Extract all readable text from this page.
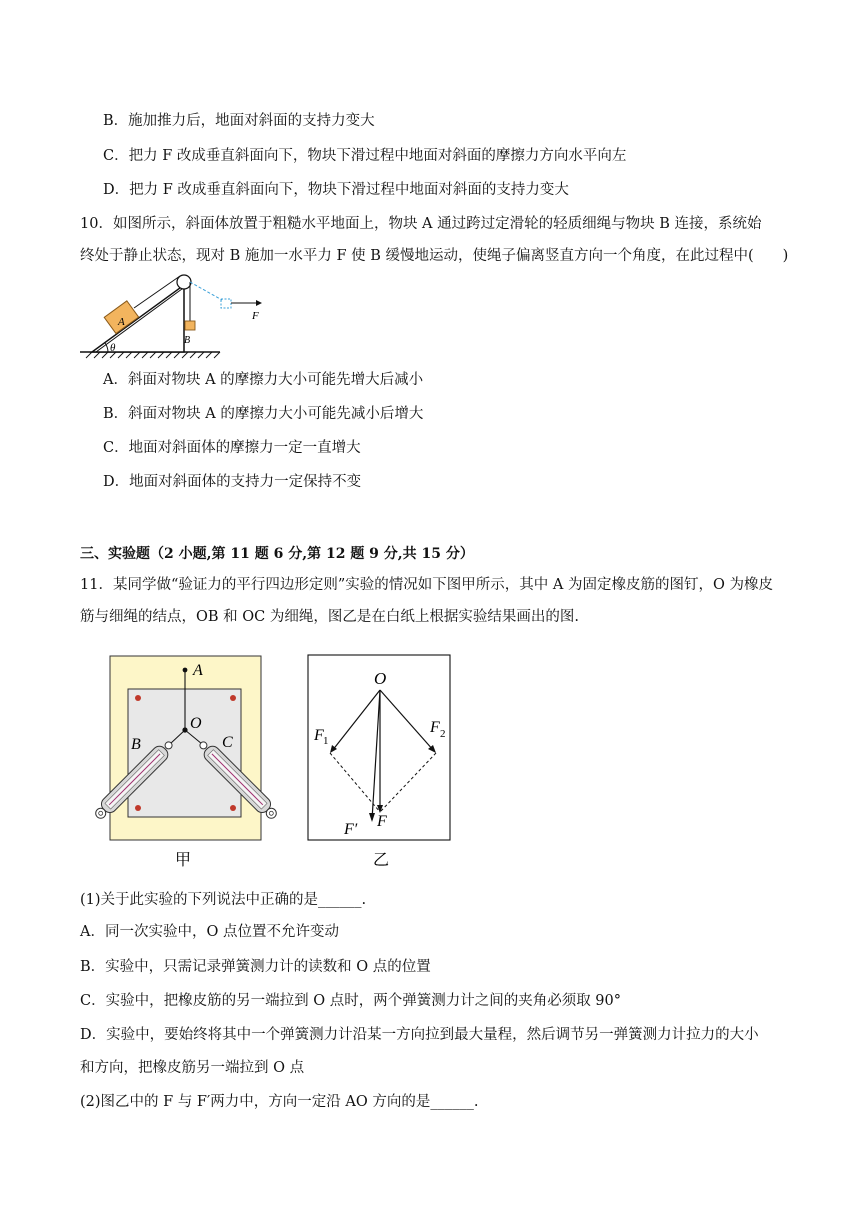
B．施加推力后，地面对斜面的支持力变大
C．把力 F 改成垂直斜面向下，物块下滑过程中地面对斜面的摩擦力方向水平向左
D．把力 F 改成垂直斜面向下，物块下滑过程中地面对斜面的支持力变大
10．如图所示，斜面体放置于粗糙水平地面上，物块 A 通过跨过定滑轮的轻质细绳与物块 B 连接，系统始
终处于静止状态，现对 B 施加一水平力 F 使 B 缓慢地运动，使绳子偏离竖直方向一个角度，在此过程中(　　)
θ
A
B
F
A．斜面对物块 A 的摩擦力大小可能先增大后减小
B．斜面对物块 A 的摩擦力大小可能先减小后增大
C．地面对斜面体的摩擦力一定一直增大
D．地面对斜面体的支持力一定保持不变
三、实验题（2 小题,第 11 题 6 分,第 12 题 9 分,共 15 分）
11．某同学做“验证力的平行四边形定则”实验的情况如下图甲所示，其中 A 为固定橡皮筋的图钉，O 为橡皮
筋与细绳的结点，OB 和 OC 为细绳，图乙是在白纸上根据实验结果画出的图.
A
O
B	C
甲
O
F 1
F 2
F
F′
乙
(1)关于此实验的下列说法中正确的是______.
A．同一次实验中，O 点位置不允许变动
B．实验中，只需记录弹簧测力计的读数和 O 点的位置
C．实验中，把橡皮筋的另一端拉到 O 点时，两个弹簧测力计之间的夹角必须取 90°
D．实验中，要始终将其中一个弹簧测力计沿某一方向拉到最大量程，然后调节另一弹簧测力计拉力的大小
和方向，把橡皮筋另一端拉到 O 点
(2)图乙中的 F 与 F′两力中，方向一定沿 AO 方向的是______.
